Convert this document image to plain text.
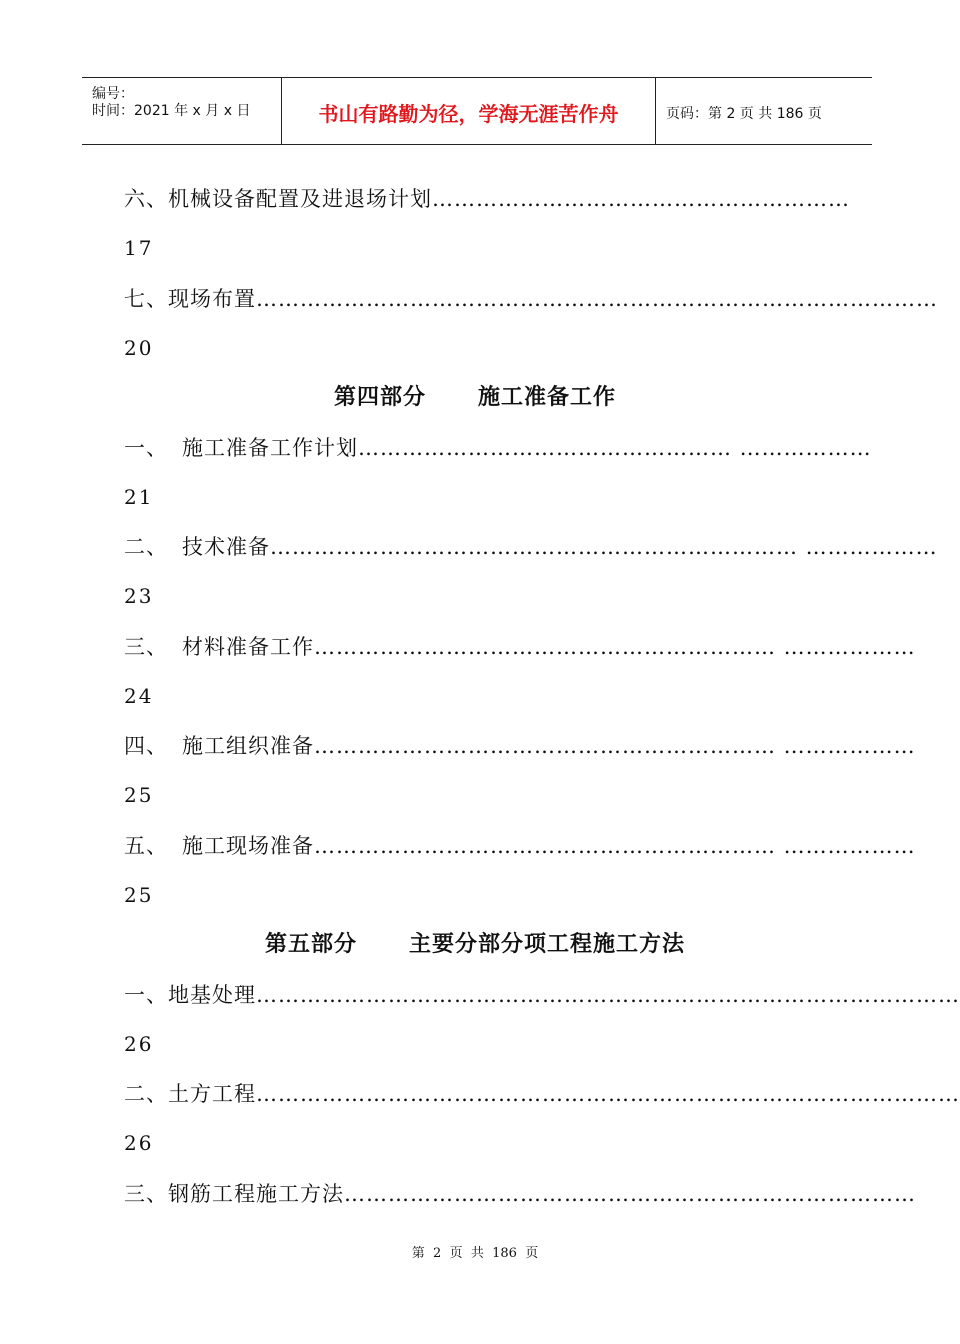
编号：
时间：2021 年 x 月 x 日	书山有路勤为径，学海无涯苦作舟	页码：第 2 页 共 186 页
六、机械设备配置及进退场计划…………………………………………………
17
七、现场布置…………………………………………………………………………………
20
第四部分      施工准备工作
一、 施工准备工作计划…………………………………………… ………………
21
二、 技术准备……………………………………………………………… ………………
23
三、 材料准备工作……………………………………………………… ………………
24
四、 施工组织准备……………………………………………………… ………………
25
五、 施工现场准备……………………………………………………… ………………
25
第五部分      主要分部分项工程施工方法
一、地基处理……………………………………………………………………………………
26
二、土方工程……………………………………………………………………………………
26
三、钢筋工程施工方法……………………………………………………………………
第  2  页  共  186  页
